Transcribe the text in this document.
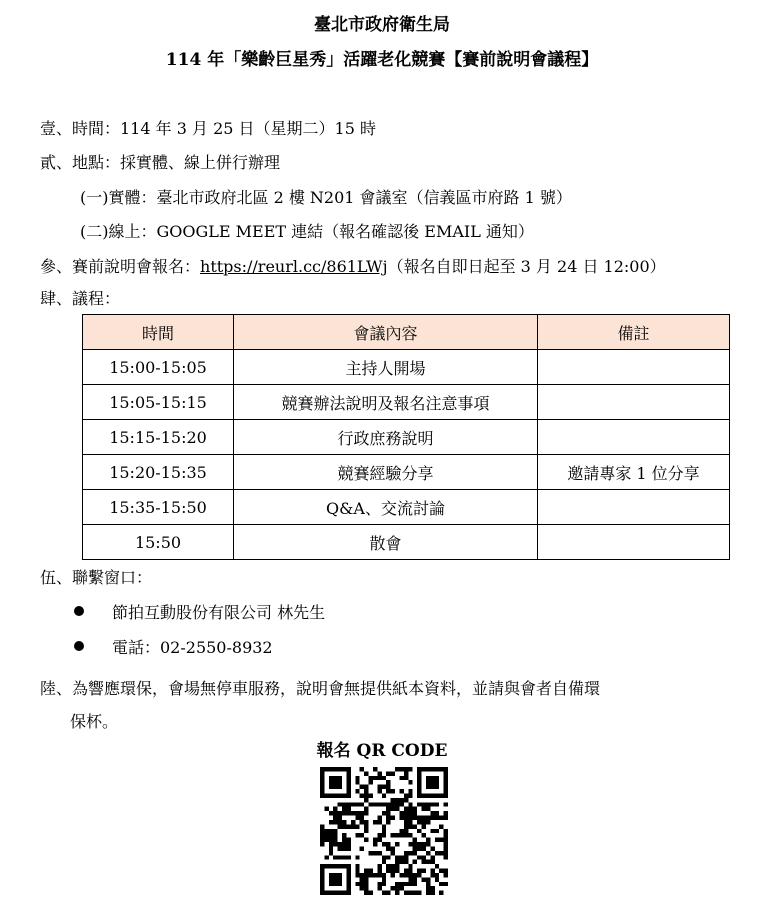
臺北市政府衛生局
114 年「樂齡巨星秀」活躍老化競賽【賽前說明會議程】
壹、時間：114 年 3 月 25 日（星期二）15 時
貳、地點：採實體、線上併行辦理
(一)實體：臺北市政府北區 2 樓 N201 會議室（信義區市府路 1 號）
(二)線上：GOOGLE MEET 連結（報名確認後 EMAIL 通知）
參、賽前說明會報名：https://reurl.cc/861LWj（報名自即日起至 3 月 24 日 12:00）
肆、議程：
時間	會議內容	備註
15:00-15:05	主持人開場	
15:05-15:15	競賽辦法說明及報名注意事項	
15:15-15:20	行政庶務說明	
15:20-15:35	競賽經驗分享	邀請專家 1 位分享
15:35-15:50	Q&A、交流討論	
15:50	散會	
伍、聯繫窗口：
節拍互動股份有限公司 林先生
電話：02-2550-8932
陸、為響應環保，會場無停車服務，說明會無提供紙本資料，並請與會者自備環
保杯。
報名 QR CODE
